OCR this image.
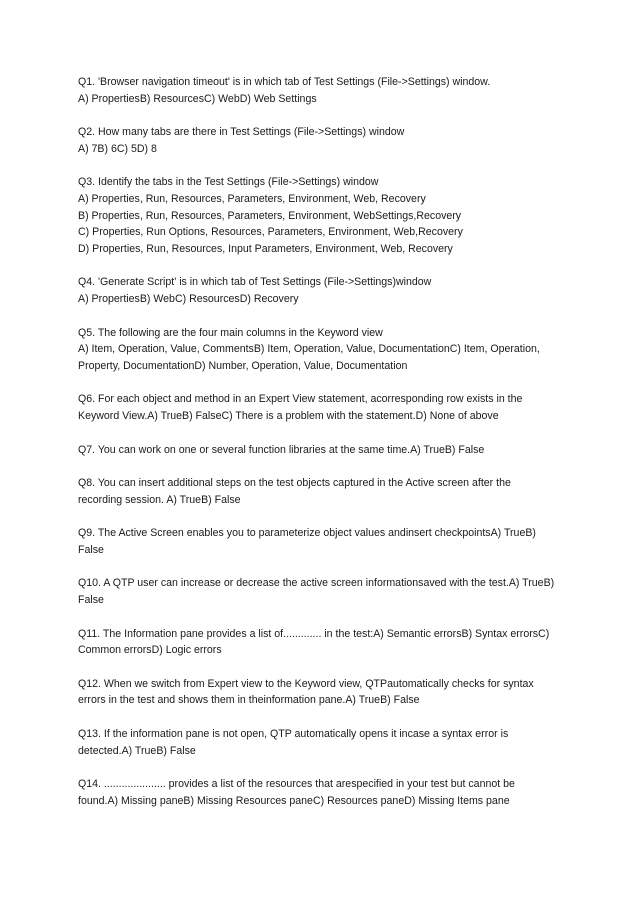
Q1. 'Browser navigation timeout' is in which tab of Test Settings (File->Settings) window.
A) PropertiesB) ResourcesC) WebD) Web Settings
Q2. How many tabs are there in Test Settings (File->Settings) window
A) 7B) 6C) 5D) 8
Q3. Identify the tabs in the Test Settings (File->Settings) window
A) Properties, Run, Resources, Parameters, Environment, Web, Recovery
B) Properties, Run, Resources, Parameters, Environment, WebSettings,Recovery
C) Properties, Run Options, Resources, Parameters, Environment, Web,Recovery
D) Properties, Run, Resources, Input Parameters, Environment, Web, Recovery
Q4. 'Generate Script' is in which tab of Test Settings (File->Settings)window
A) PropertiesB) WebC) ResourcesD) Recovery
Q5. The following are the four main columns in the Keyword view
A) Item, Operation, Value, CommentsB) Item, Operation, Value, DocumentationC) Item, Operation,
Property, DocumentationD) Number, Operation, Value, Documentation
Q6. For each object and method in an Expert View statement, acorresponding row exists in the
Keyword View.A) TrueB) FalseC) There is a problem with the statement.D) None of above
Q7. You can work on one or several function libraries at the same time.A) TrueB) False
Q8. You can insert additional steps on the test objects captured in the Active screen after the
recording session. A) TrueB) False
Q9. The Active Screen enables you to parameterize object values andinsert checkpointsA) TrueB)
False
Q10. A QTP user can increase or decrease the active screen informationsaved with the test.A) TrueB)
False
Q11. The Information pane provides a list of............. in the test:A) Semantic errorsB) Syntax errorsC)
Common errorsD) Logic errors
Q12. When we switch from Expert view to the Keyword view, QTPautomatically checks for syntax
errors in the test and shows them in theinformation pane.A) TrueB) False
Q13. If the information pane is not open, QTP automatically opens it incase a syntax error is
detected.A) TrueB) False
Q14. ..................... provides a list of the resources that arespecified in your test but cannot be
found.A) Missing paneB) Missing Resources paneC) Resources paneD) Missing Items pane
